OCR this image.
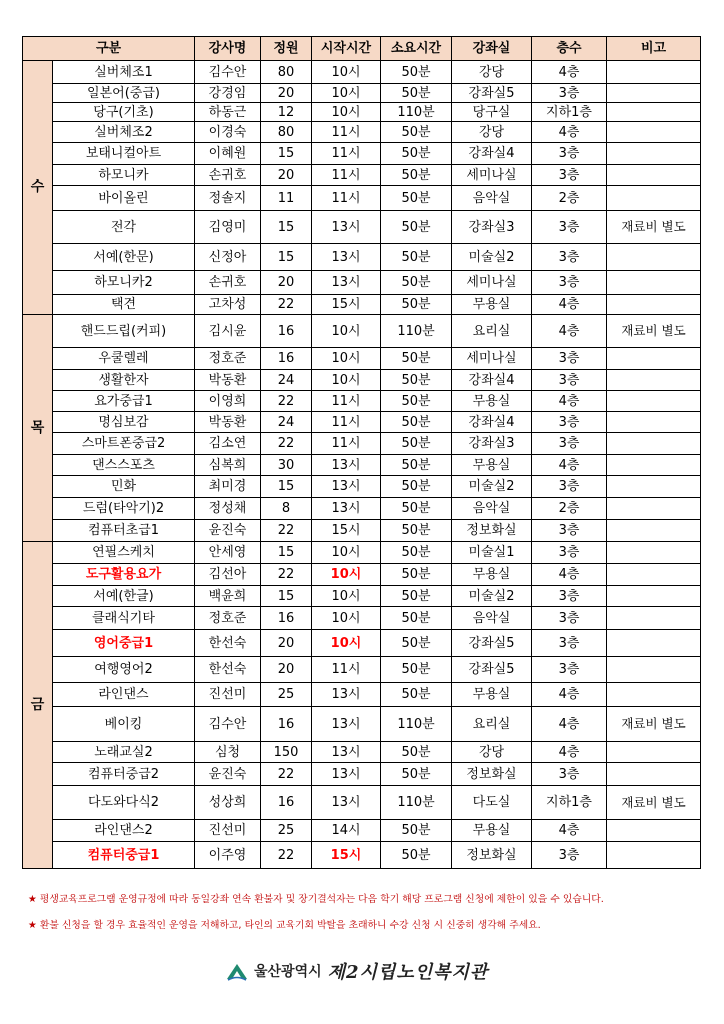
구분		강사명	정원	시작시간	소요시간	강좌실	층수	비고
수	실버체조1	김수안	80	10시	50분	강당	4층	
	일본어(중급)	강경임	20	10시	50분	강좌실5	3층	
	당구(기초)	하동근	12	10시	110분	당구실	지하1층	
	실버체조2	이경숙	80	11시	50분	강당	4층	
	보태니컬아트	이혜원	15	11시	50분	강좌실4	3층	
	하모니카	손귀호	20	11시	50분	세미나실	3층	
	바이올린	정솔지	11	11시	50분	음악실	2층	
	전각	김영미	15	13시	50분	강좌실3	3층	재료비 별도
	서예(한문)	신정아	15	13시	50분	미술실2	3층	
	하모니카2	손귀호	20	13시	50분	세미나실	3층	
	택견	고차성	22	15시	50분	무용실	4층	
목	핸드드립(커피)	김시윤	16	10시	110분	요리실	4층	재료비 별도
	우쿨렐레	정호준	16	10시	50분	세미나실	3층	
	생활한자	박동환	24	10시	50분	강좌실4	3층	
	요가중급1	이영희	22	11시	50분	무용실	4층	
	명심보감	박동환	24	11시	50분	강좌실4	3층	
	스마트폰중급2	김소연	22	11시	50분	강좌실3	3층	
	댄스스포츠	심복희	30	13시	50분	무용실	4층	
	민화	최미경	15	13시	50분	미술실2	3층	
	드럼(타악기)2	정성채	8	13시	50분	음악실	2층	
	컴퓨터초급1	윤진숙	22	15시	50분	정보화실	3층	
금	연필스케치	안세영	15	10시	50분	미술실1	3층	
	도구활용요가	김선아	22	10시	50분	무용실	4층	
	서예(한글)	백윤희	15	10시	50분	미술실2	3층	
	클래식기타	정호준	16	10시	50분	음악실	3층	
	영어중급1	한선숙	20	10시	50분	강좌실5	3층	
	여행영어2	한선숙	20	11시	50분	강좌실5	3층	
	라인댄스	진선미	25	13시	50분	무용실	4층	
	베이킹	김수안	16	13시	110분	요리실	4층	재료비 별도
	노래교실2	심청	150	13시	50분	강당	4층	
	컴퓨터중급2	윤진숙	22	13시	50분	정보화실	3층	
	다도와다식2	성상희	16	13시	110분	다도실	지하1층	재료비 별도
	라인댄스2	진선미	25	14시	50분	무용실	4층	
	컴퓨터중급1	이주영	22	15시	50분	정보화실	3층	

★ 평생교육프로그램 운영규정에 따라 동일강좌 연속 환불자 및 장기결석자는 다음 학기 해당 프로그램 신청에 제한이 있을 수 있습니다.

★ 환불 신청을 할 경우 효율적인 운영을 저해하고, 타인의 교육기회 박탈을 초래하니 수강 신청 시 신중히 생각해 주세요.

울산광역시 제2시립노인복지관
